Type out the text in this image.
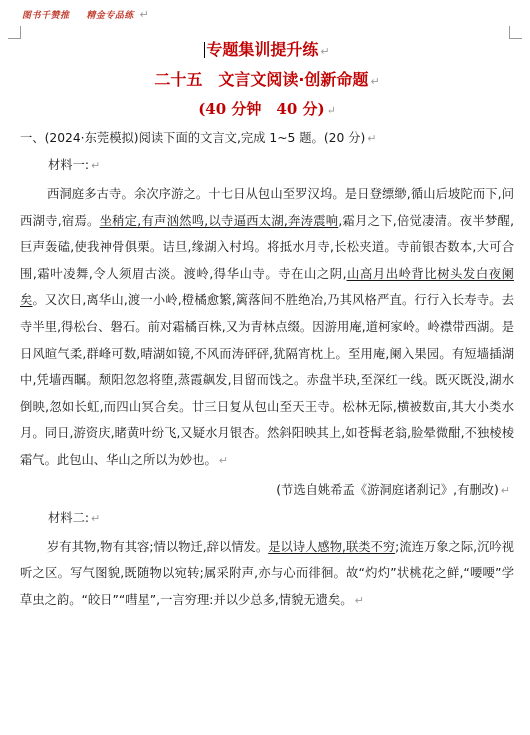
图书千赞推 　 精金专品练 ↵
专题集训提升练 ↵
二十五　文言文阅读·创新命题 ↵
(40 分钟　40 分) ↵
一、(2024·东莞模拟)阅读下面的文言文,完成 1~5 题。(20 分) ↵
材料一: ↵

西洞庭多古寺。余次序游之。十七日从包山至罗汉坞。是日登缥缈,循山后坡陀而下,问西湖寺,宿焉。坐稍定,有声汹然鸣,以寺逼西太湖,奔涛震响,霜月之下,倍觉凄清。夜半梦醒,巨声轰磕,使我神骨俱栗。诘旦,缘湖入村坞。将抵水月寺,长松夹道。寺前银杏数本,大可合围,霜叶凌舞,令人须眉古淡。渡岭,得华山寺。寺在山之阴,山高月出岭背比树头发白夜阑矣。又次日,离华山,渡一小岭,橙橘愈繁,篱落间不胜绝冶,乃其风格严直。行行入长寿寺。去寺半里,得松台、磐石。前对霜橘百株,又为青林点缀。因游用庵,道柯家岭。岭襟带西湖。是日风暄气柔,群峰可数,晴湖如镜,不风而涛砰砰,犹隔宵枕上。至用庵,阑入果园。有短墙插湖中,凭墙西瞩。颓阳忽忽将堕,蒸霞飙发,目留而饯之。赤盘半玦,至深红一线。既灭既没,湖水倒映,忽如长虹,而四山冥合矣。廿三日复从包山至天王寺。松林无际,横被数亩,其大小类水月。同日,游资庆,睹黄叶纷飞,又疑水月银杏。然斜阳映其上,如苍髯老翁,脸晕微酣,不独棱棱霜气。此包山、华山之所以为妙也。 ↵

(节选自姚希孟《游洞庭诸刹记》,有删改) ↵
材料二: ↵

岁有其物,物有其容;情以物迁,辞以情发。是以诗人感物,联类不穷;流连万象之际,沉吟视听之区。写气图貌,既随物以宛转;属采附声,亦与心而徘徊。故“灼灼”状桃花之鲜,“喓喓”学草虫之韵。“皎日”“嘒星”,一言穷理:并以少总多,情貌无遗矣。 ↵
